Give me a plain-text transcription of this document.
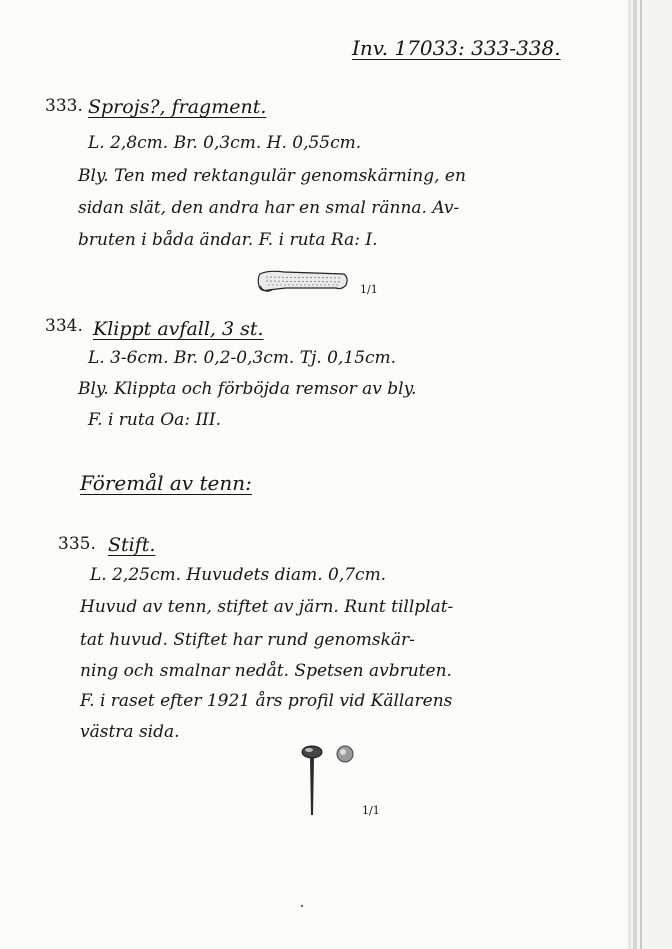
Inv. 17033: 333-338.
333. Sprojs?, fragment.
L. 2,8cm. Br. 0,3cm. H. 0,55cm.
Bly. Ten med rektangulär genomskärning, en
sidan slät, den andra har en smal ränna. Av-
bruten i båda ändar. F. i ruta Ra: I.
1/1
334. Klippt avfall, 3 st.
L. 3-6cm. Br. 0,2-0,3cm. Tj. 0,15cm.
Bly. Klippta och förböjda remsor av bly.
F. i ruta Oa: III.
Föremål av tenn:
335. Stift.
L. 2,25cm. Huvudets diam. 0,7cm.
Huvud av tenn, stiftet av järn. Runt tillplat-
tat huvud. Stiftet har rund genomskär-
ning och smalnar nedåt. Spetsen avbruten.
F. i raset efter 1921 års profil vid Källarens
västra sida.
1/1
